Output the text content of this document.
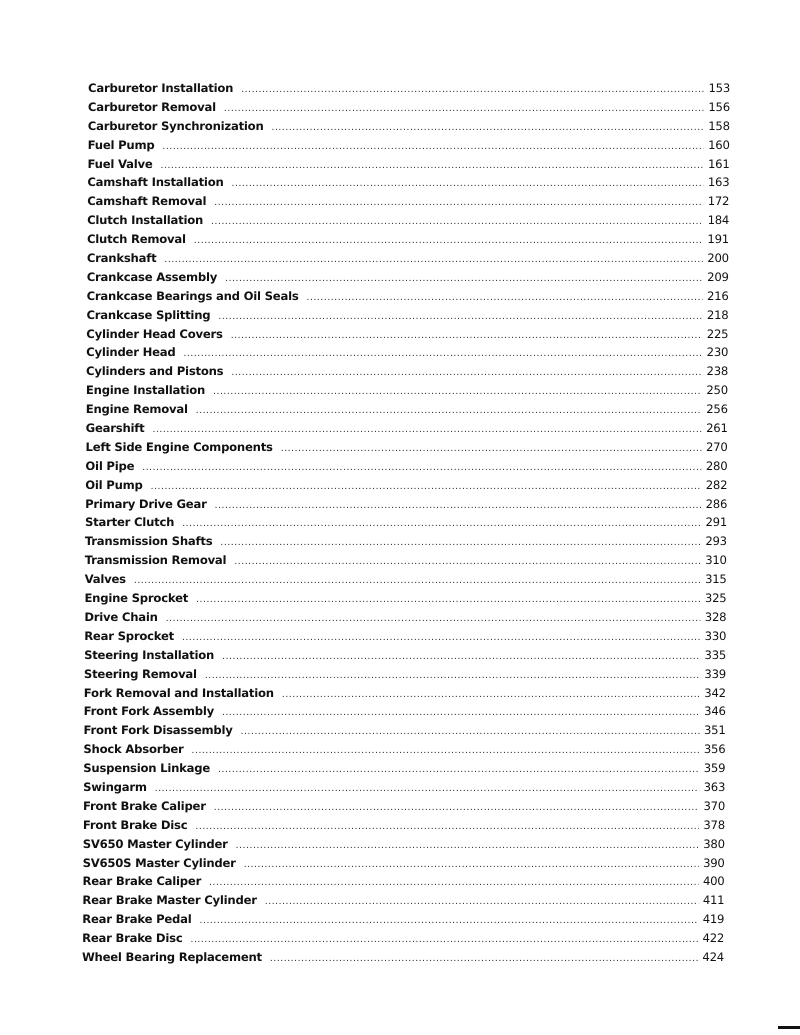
Carburetor Installation .....	153
Carburetor Removal .....	156
Carburetor Synchronization .....	158
Fuel Pump .....	160
Fuel Valve .....	161
Camshaft Installation .....	163
Camshaft Removal .....	172
Clutch Installation .....	184
Clutch Removal .....	191
Crankshaft .....	200
Crankcase Assembly .....	209
Crankcase Bearings and Oil Seals .....	216
Crankcase Splitting .....	218
Cylinder Head Covers .....	225
Cylinder Head .....	230
Cylinders and Pistons .....	238
Engine Installation .....	250
Engine Removal .....	256
Gearshift .....	261
Left Side Engine Components .....	270
Oil Pipe .....	280
Oil Pump .....	282
Primary Drive Gear .....	286
Starter Clutch .....	291
Transmission Shafts .....	293
Transmission Removal .....	310
Valves .....	315
Engine Sprocket .....	325
Drive Chain .....	328
Rear Sprocket .....	330
Steering Installation .....	335
Steering Removal .....	339
Fork Removal and Installation .....	342
Front Fork Assembly .....	346
Front Fork Disassembly .....	351
Shock Absorber .....	356
Suspension Linkage .....	359
Swingarm .....	363
Front Brake Caliper .....	370
Front Brake Disc .....	378
SV650 Master Cylinder .....	380
SV650S Master Cylinder .....	390
Rear Brake Caliper .....	400
Rear Brake Master Cylinder .....	411
Rear Brake Pedal .....	419
Rear Brake Disc .....	422
Wheel Bearing Replacement .....	424
